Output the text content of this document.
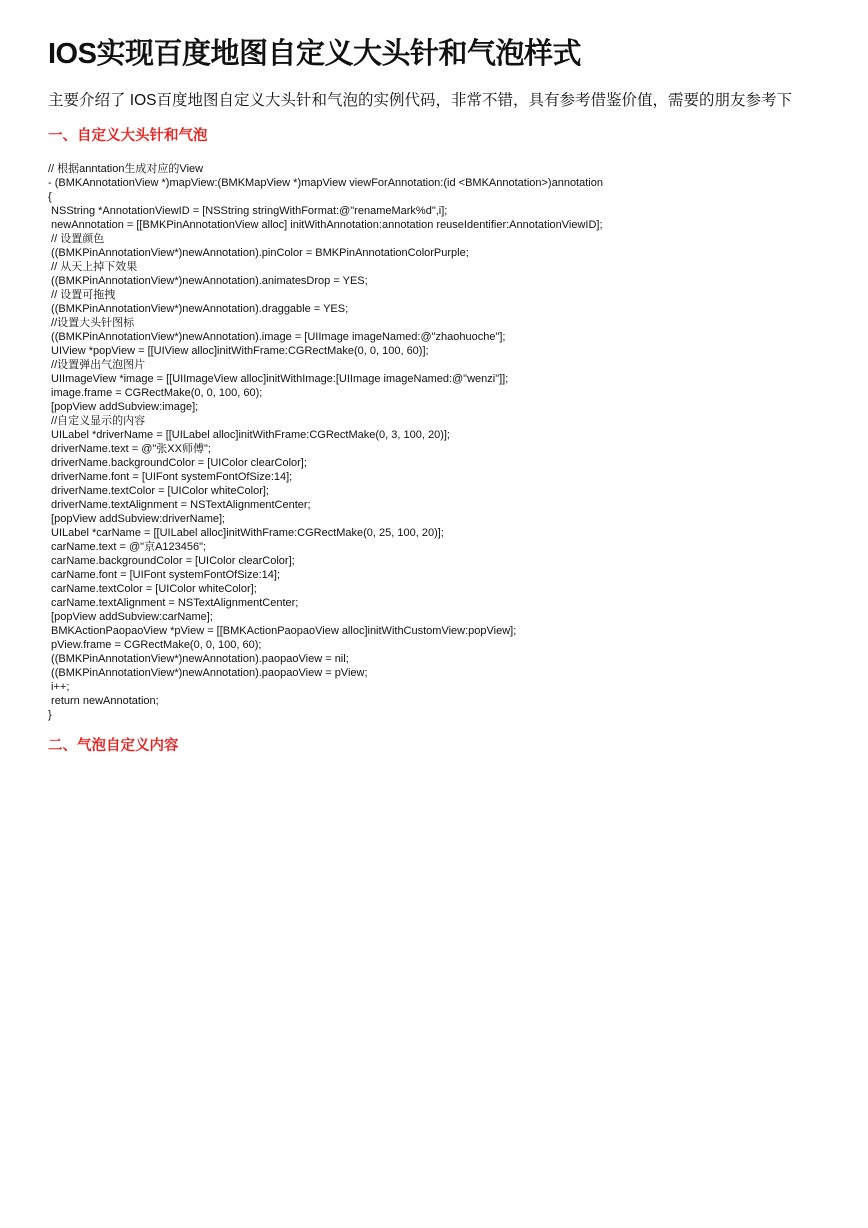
IOS实现百度地图自定义大头针和气泡样式
主要介绍了 IOS百度地图自定义大头针和气泡的实例代码，非常不错，具有参考借鉴价值，需要的朋友参考下
一、自定义大头针和气泡
// 根据anntation生成对应的View
- (BMKAnnotationView *)mapView:(BMKMapView *)mapView viewForAnnotation:(id <BMKAnnotation>)annotation
{
NSString *AnnotationViewID = [NSString stringWithFormat:@"renameMark%d",i];
newAnnotation = [[BMKPinAnnotationView alloc] initWithAnnotation:annotation reuseIdentifier:AnnotationViewID];
// 设置颜色
((BMKPinAnnotationView*)newAnnotation).pinColor = BMKPinAnnotationColorPurple;
// 从天上掉下效果
((BMKPinAnnotationView*)newAnnotation).animatesDrop = YES;
// 设置可拖拽
((BMKPinAnnotationView*)newAnnotation).draggable = YES;
//设置大头针图标
((BMKPinAnnotationView*)newAnnotation).image = [UIImage imageNamed:@"zhaohuoche"];
UIView *popView = [[UIView alloc]initWithFrame:CGRectMake(0, 0, 100, 60)];
//设置弹出气泡图片
UIImageView *image = [[UIImageView alloc]initWithImage:[UIImage imageNamed:@"wenzi"]];
image.frame = CGRectMake(0, 0, 100, 60);
[popView addSubview:image];
//自定义显示的内容
UILabel *driverName = [[UILabel alloc]initWithFrame:CGRectMake(0, 3, 100, 20)];
driverName.text = @"张XX师傅";
driverName.backgroundColor = [UIColor clearColor];
driverName.font = [UIFont systemFontOfSize:14];
driverName.textColor = [UIColor whiteColor];
driverName.textAlignment = NSTextAlignmentCenter;
[popView addSubview:driverName];
UILabel *carName = [[UILabel alloc]initWithFrame:CGRectMake(0, 25, 100, 20)];
carName.text = @"京A123456";
carName.backgroundColor = [UIColor clearColor];
carName.font = [UIFont systemFontOfSize:14];
carName.textColor = [UIColor whiteColor];
carName.textAlignment = NSTextAlignmentCenter;
[popView addSubview:carName];
BMKActionPaopaoView *pView = [[BMKActionPaopaoView alloc]initWithCustomView:popView];
pView.frame = CGRectMake(0, 0, 100, 60);
((BMKPinAnnotationView*)newAnnotation).paopaoView = nil;
((BMKPinAnnotationView*)newAnnotation).paopaoView = pView;
i++;
return newAnnotation;
}
二、气泡自定义内容
